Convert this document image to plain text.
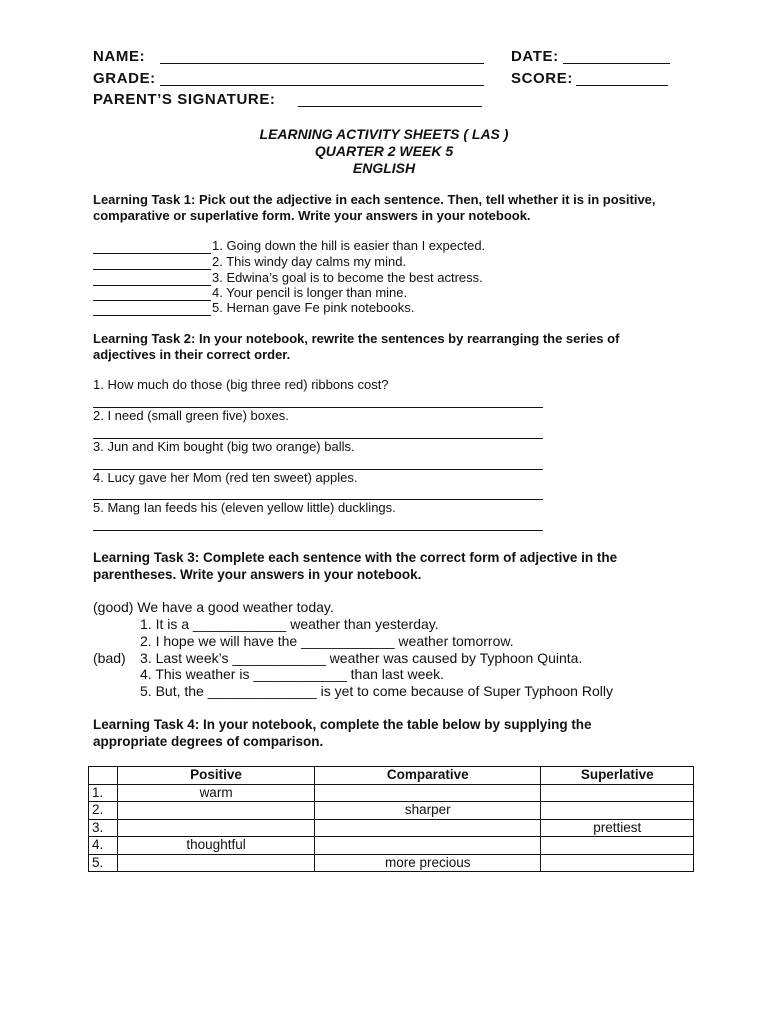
NAME:	DATE:
GRADE:	SCORE:
PARENT’S SIGNATURE:
LEARNING ACTIVITY SHEETS ( LAS )
QUARTER 2 WEEK 5
ENGLISH
Learning Task 1: Pick out the adjective in each sentence. Then, tell whether it is in positive, comparative or superlative form. Write your answers in your notebook.
1. Going down the hill is easier than I expected.
2. This windy day calms my mind.
3. Edwina’s goal is to become the best actress.
4. Your pencil is longer than mine.
5. Hernan gave Fe pink notebooks.
Learning Task 2: In your notebook, rewrite the sentences by rearranging the series of adjectives in their correct order.
1. How much do those (big three red) ribbons cost?
2. I need (small green five) boxes.
3. Jun and Kim bought (big two orange) balls.
4. Lucy gave her Mom (red ten sweet) apples.
5. Mang Ian feeds his (eleven yellow little) ducklings.
Learning Task 3: Complete each sentence with the correct form of adjective in the parentheses. Write your answers in your notebook.
(good) We have a good weather today.
1. It is a ____________ weather than yesterday.
2. I hope we will have the ____________ weather tomorrow.
(bad) 3. Last week’s ____________ weather was caused by Typhoon Quinta.
4. This weather is ____________ than last week.
5. But, the ______________ is yet to come because of Super Typhoon Rolly
Learning Task 4: In your notebook, complete the table below by supplying the appropriate degrees of comparison.
	Positive	Comparative	Superlative
1.	warm		
2.		sharper	
3.			prettiest
4.	thoughtful		
5.		more precious	
